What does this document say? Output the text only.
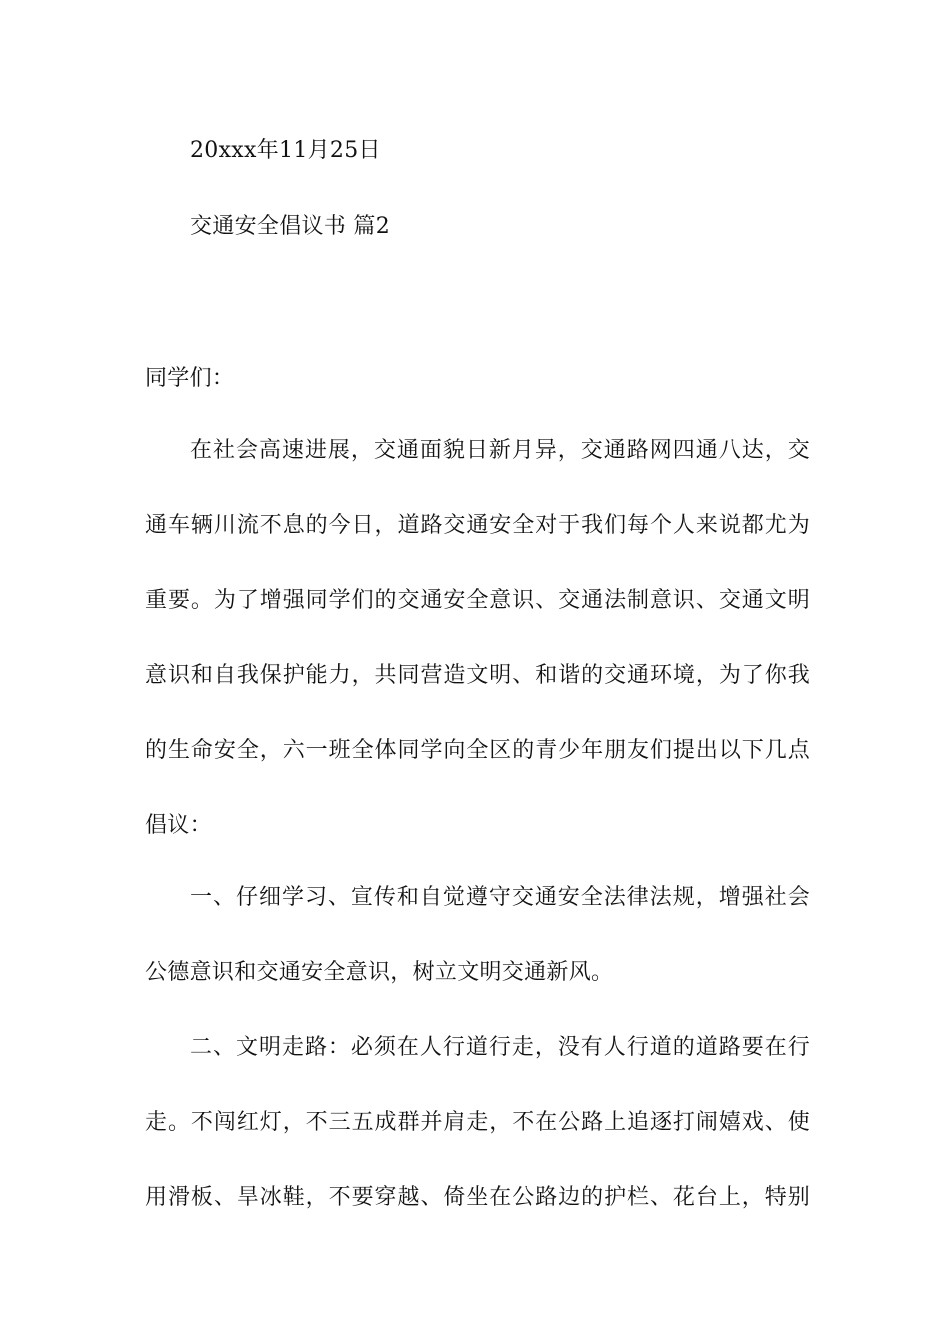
20xxx年11月25日
交通安全倡议书 篇2
同学们：
在社会高速进展，交通面貌日新月异，交通路网四通八达，交
通车辆川流不息的今日，道路交通安全对于我们每个人来说都尤为
重要。为了增强同学们的交通安全意识、交通法制意识、交通文明
意识和自我保护能力，共同营造文明、和谐的交通环境，为了你我
的生命安全，六一班全体同学向全区的青少年朋友们提出以下几点
倡议：
一、仔细学习、宣传和自觉遵守交通安全法律法规，增强社会
公德意识和交通安全意识，树立文明交通新风。
二、文明走路：必须在人行道行走，没有人行道的道路要在行
走。不闯红灯，不三五成群并肩走，不在公路上追逐打闹嬉戏、使
用滑板、旱冰鞋，不要穿越、倚坐在公路边的护栏、花台上，特别
